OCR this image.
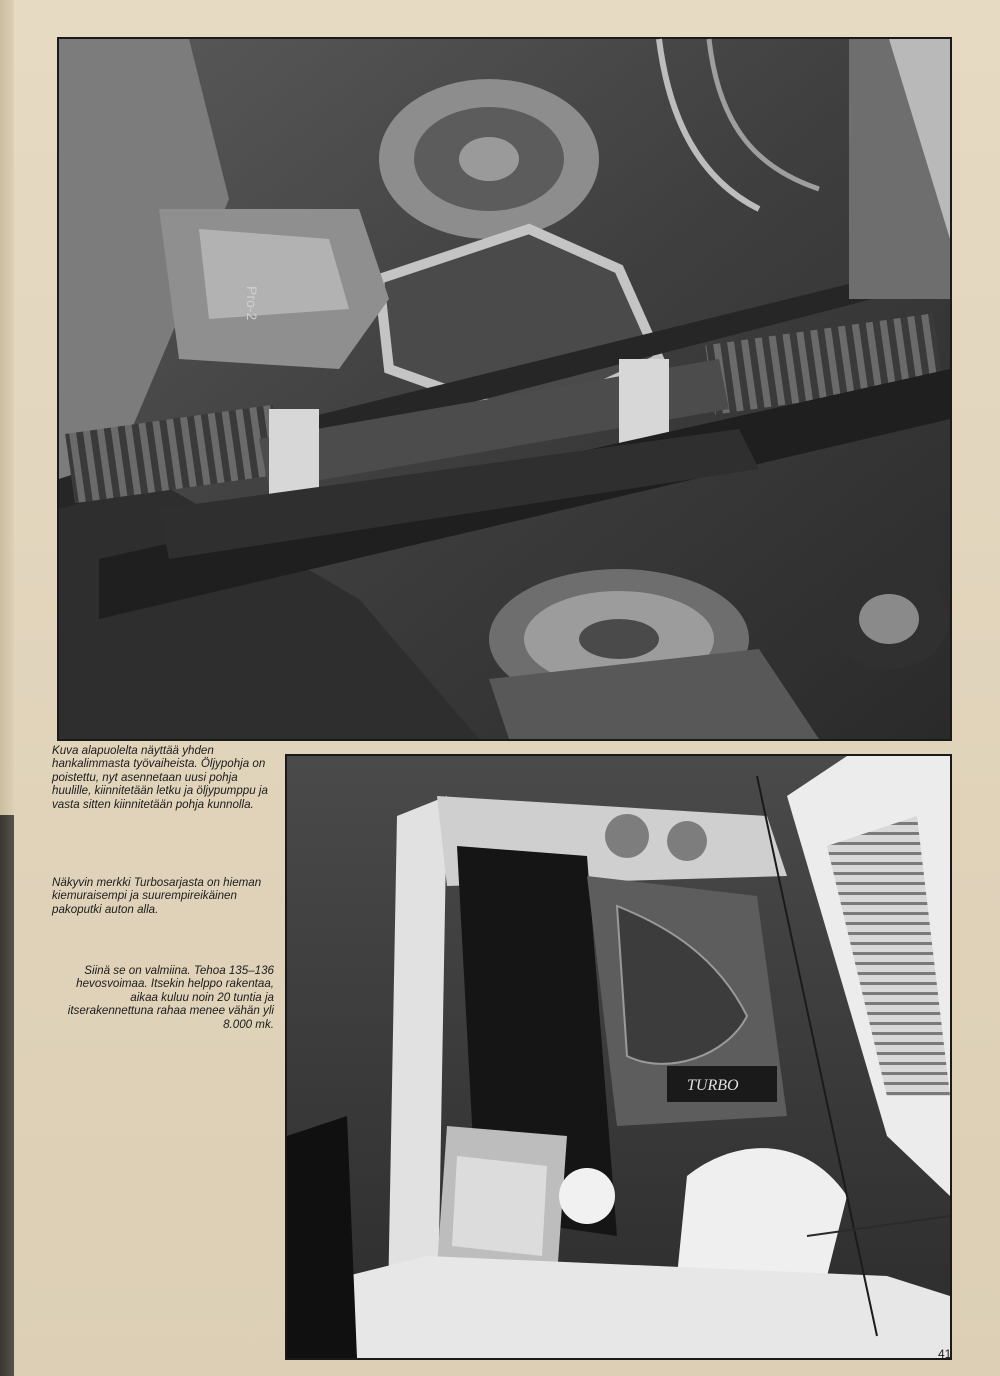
Kuva alapuolelta näyttää yhden hankalimmasta työvaiheista. Öljypohja on poistettu, nyt asennetaan uusi pohja huulille, kiinnitetään letku ja öljypumppu ja vasta sitten kiinnitetään pohja kunnolla.

Näkyvin merkki Turbosarjasta on hieman kiemuraisempi ja suurempireikäinen pakoputki auton alla.

Siinä se on valmiina. Tehoa 135–136 hevosvoimaa. Itsekin helppo rakentaa, aikaa kuluu noin 20 tuntia ja itserakennettuna rahaa menee vähän yli 8.000 mk.

TURBO
Pro-2
41
